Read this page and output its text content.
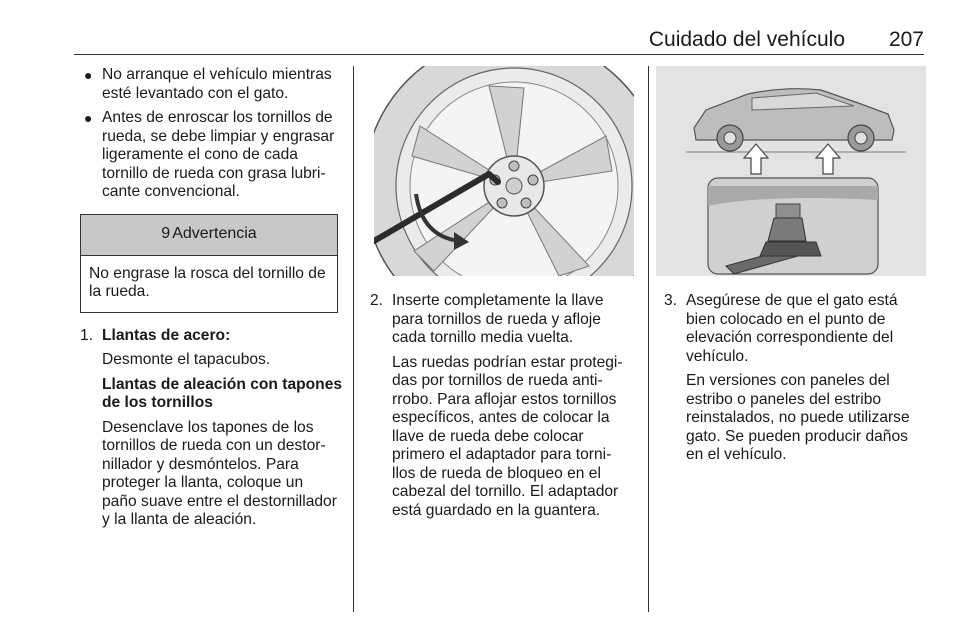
Cuidado del vehículo 207
● No arranque el vehículo mientras
esté levantado con el gato.
● Antes de enroscar los tornillos de
rueda, se debe limpiar y engrasar
ligeramente el cono de cada
tornillo de rueda con grasa lubri-
cante convencional.
9 Advertencia
No engrase la rosca del tornillo de
la rueda.
1. Llantas de acero:
Desmonte el tapacubos.
Llantas de aleación con tapones
de los tornillos
Desenclave los tapones de los
tornillos de rueda con un destor-
nillador y desmóntelos. Para
proteger la llanta, coloque un
paño suave entre el destornillador
y la llanta de aleación.
2. Inserte completamente la llave
para tornillos de rueda y afloje
cada tornillo media vuelta.
Las ruedas podrían estar protegi-
das por tornillos de rueda anti-
rrobo. Para aflojar estos tornillos
específicos, antes de colocar la
llave de rueda debe colocar
primero el adaptador para torni-
llos de rueda de bloqueo en el
cabezal del tornillo. El adaptador
está guardado en la guantera.
3. Asegúrese de que el gato está
bien colocado en el punto de
elevación correspondiente del
vehículo.
En versiones con paneles del
estribo o paneles del estribo
reinstalados, no puede utilizarse
gato. Se pueden producir daños
en el vehículo.
